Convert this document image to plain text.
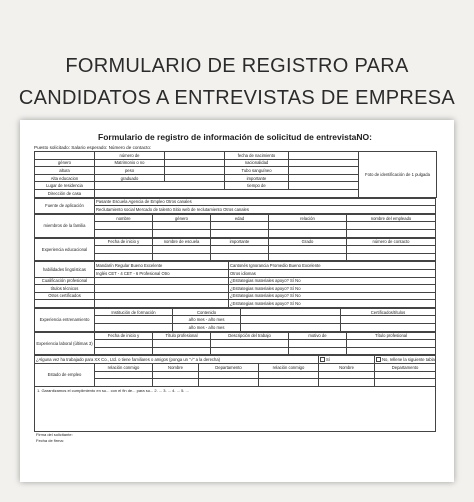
FORMULARIO DE REGISTRO PARA
CANDIDATOS A ENTREVISTAS DE EMPRESA
Formulario de registro de información de solicitud de entrevistaNO:
Puesto solicitado: Salario esperado: Número de contacto:
	número de		fecha de nacimiento		Foto de identificación de 1 pulgada
género	Matrimonio o no		nacionalidad		
altura	peso		Tubo sanguíneo		
Alta educacion	graduado		importante		
Lugar de residencia			tiempo de		
Dirección de casa					
Fuente de aplicación	Pasante Escuela Agencia de Empleo Otros canales
Reclutamiento social Mercado de talento Sitio web de reclutamiento Otros canales
miembros de la familia	nombre	género	edad	relación	nombre del empleado

Experiencia educacional	Fecha de inicio y	nombre de escuela	importante	Grado	número de contacto

habilidades lingüísticas	Mandarín Regular Bueno Excelente	Cantonés Ignorancia Promedio Bueno Excelente
	Inglés CET - 4 CET - 6 Profesional Otro	Otros idiomas
Cualificación profesional		¿Estrategias materiales apoyo? Sí No
títulos técnicos		¿Estrategias materiales apoyo? Sí No
Otros certificados		¿Estrategias materiales apoyo? Sí No
		¿Estrategias materiales apoyo? Sí No
Experiencia entrenamiento	Institución de formación	Contenido		Certificados/títulos
		año mes - año mes		
		año mes - año mes		
Experiencia laboral (últimas 3)	Fecha de inicio y	Título profesional	Descripción del trabajo	motivo de	Título profesional

¿Alguna vez ha trabajado para XX Co., Ltd. o tiene familiares o amigos (ponga un "√" a la derecha)					Sí	No, rellene la siguiente tabla
Estado de empleo	relación conmigo	Nombre	Departamento	relación conmigo	Nombre	Departamento

1. Garantizamos el cumplimiento en su... con el fin de... para su... 2. ... 3. ... 4. ... 5. ...
Firma del solicitante:
Fecha de firma:
